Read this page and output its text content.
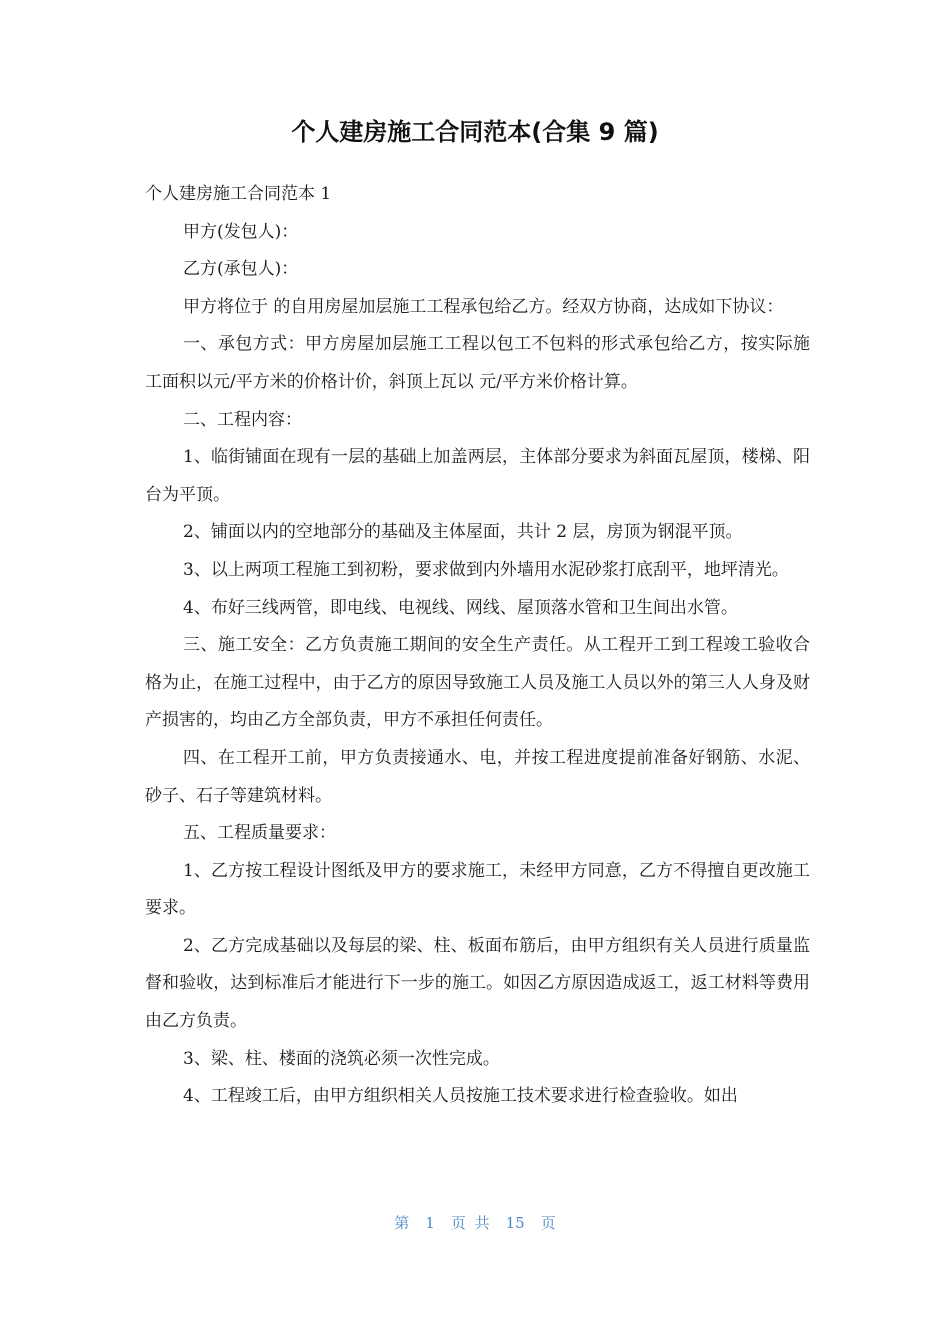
个人建房施工合同范本(合集 9 篇)

个人建房施工合同范本 1

甲方(发包人)：

乙方(承包人)：

甲方将位于 的自用房屋加层施工工程承包给乙方。经双方协商，达成如下协议：

一、承包方式：甲方房屋加层施工工程以包工不包料的形式承包给乙方，按实际施工面积以元/平方米的价格计价，斜顶上瓦以 元/平方米价格计算。

二、工程内容：

1、临街铺面在现有一层的基础上加盖两层，主体部分要求为斜面瓦屋顶，楼梯、阳台为平顶。

2、铺面以内的空地部分的基础及主体屋面，共计 2 层，房顶为钢混平顶。

3、以上两项工程施工到初粉，要求做到内外墙用水泥砂浆打底刮平，地坪清光。

4、布好三线两管，即电线、电视线、网线、屋顶落水管和卫生间出水管。

三、施工安全：乙方负责施工期间的安全生产责任。从工程开工到工程竣工验收合格为止，在施工过程中，由于乙方的原因导致施工人员及施工人员以外的第三人人身及财产损害的，均由乙方全部负责，甲方不承担任何责任。

四、在工程开工前，甲方负责接通水、电，并按工程进度提前准备好钢筋、水泥、砂子、石子等建筑材料。

五、工程质量要求：

1、乙方按工程设计图纸及甲方的要求施工，未经甲方同意，乙方不得擅自更改施工要求。

2、乙方完成基础以及每层的梁、柱、板面布筋后，由甲方组织有关人员进行质量监督和验收，达到标准后才能进行下一步的施工。如因乙方原因造成返工，返工材料等费用由乙方负责。

3、梁、柱、楼面的浇筑必须一次性完成。

4、工程竣工后，由甲方组织相关人员按施工技术要求进行检查验收。如出

第 1 页 共 15 页
